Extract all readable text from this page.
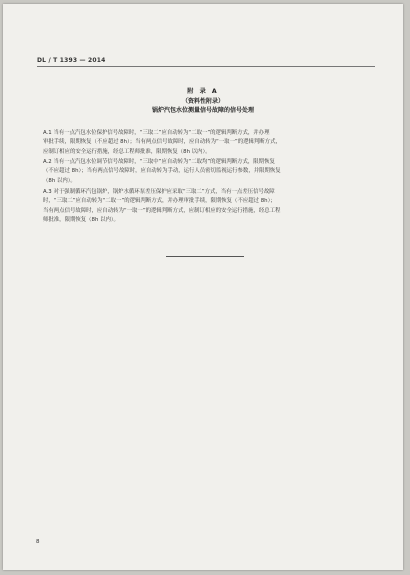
DL / T 1393 — 2014
附 录 A
（资料性附录）
锅炉汽包水位测量信号故障的信号处理
A.1 当有一点汽包水位保护信号故障时，“三取二”应自动转为“二取一”的逻辑判断方式，并办理
审批手续，限期恢复（不应超过 8h）；当有两点信号故障时，应自动转为“一取一”的逻辑判断方式，
应制订相应的安全运行措施，经总工程师批准，限期恢复（8h 以内）。
A.2 当有一点汽包水位调节信号故障时，“三取中”应自动转为“二取均”的逻辑判断方式，限期恢复
（不应超过 8h）；当有两点信号故障时，应自动转为手动，运行人员密切监视运行参数，并限期恢复
（8h 以内）。
A.3 对于强制循环汽包锅炉，锅炉水循环泵差压保护应采取“三取二”方式，当有一点差压信号故障
时，“三取二”应自动转为“二取一”的逻辑判断方式，并办理审批手续，限期恢复（不应超过 8h）；
当有两点信号故障时，应自动转为“一取一”的逻辑判断方式，应制订相应的安全运行措施，经总工程
师批准，限期恢复（8h 以内）。
8
